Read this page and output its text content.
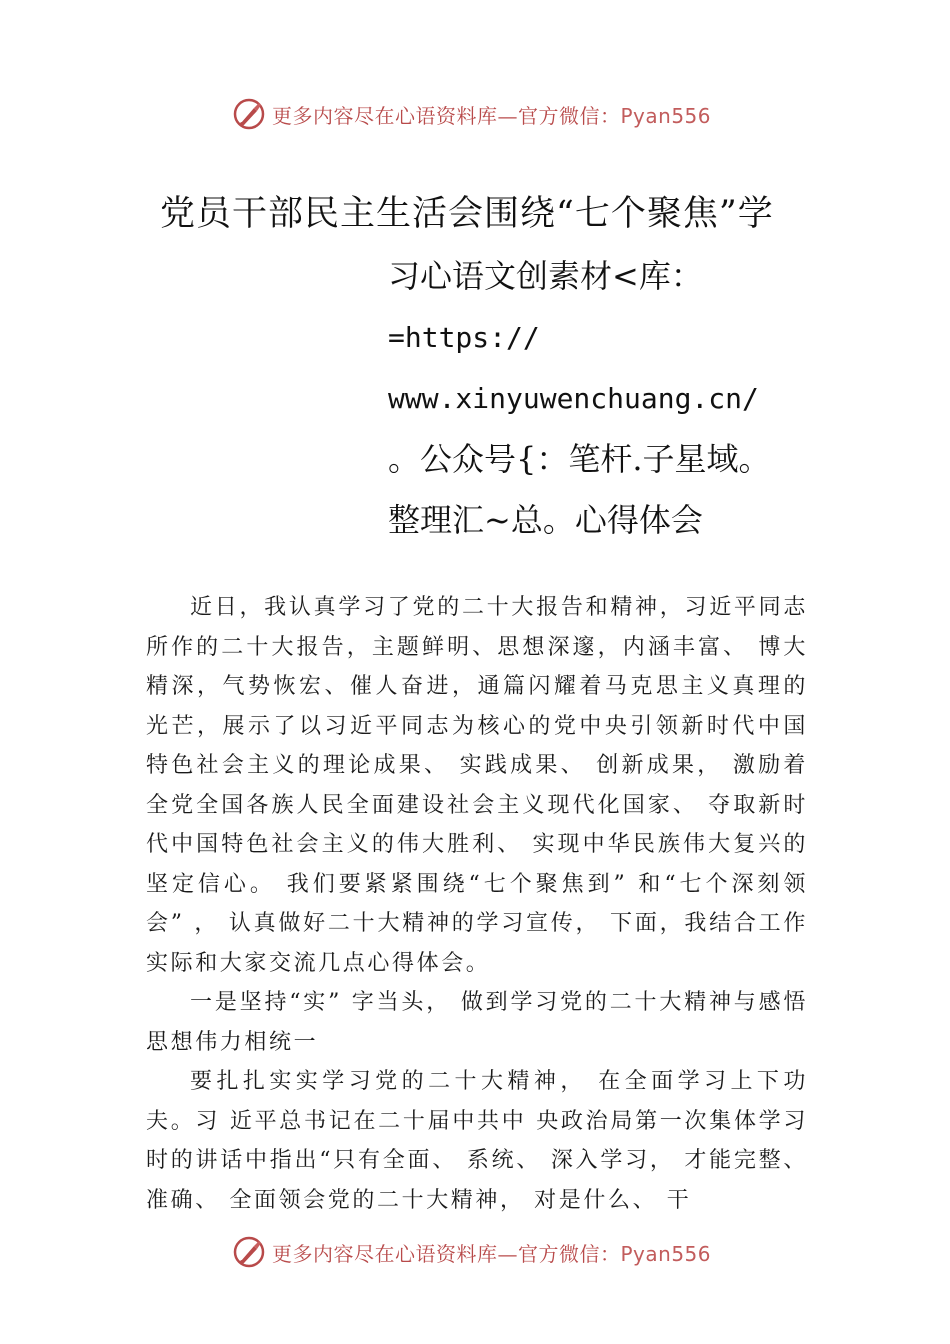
更多内容尽在心语资料库—官方微信：Pyan556
党员干部民主生活会围绕“七个聚焦”学
习心语文创素材<库：
=https://
www.xinyuwenchuang.cn/
。公众号{：笔杆.子星域。
整理汇~总。心得体会

近日，我认真学习了党的二十大报告和精神，习近平同志所作的二十大报告，主题鲜明、思想深邃，内涵丰富、 博大精深，气势恢宏、催人奋进，通篇闪耀着马克思主义真理的光芒，展示了以习近平同志为核心的党中央引领新时代中国特色社会主义的理论成果、 实践成果、 创新成果， 激励着全党全国各族人民全面建设社会主义现代化国家、 夺取新时代中国特色社会主义的伟大胜利、 实现中华民族伟大复兴的坚定信心。 我们要紧紧围绕“七个聚焦到” 和“七个深刻领会” ， 认真做好二十大精神的学习宣传， 下面，我结合工作实际和大家交流几点心得体会。

一是坚持“实” 字当头， 做到学习党的二十大精神与感悟思想伟力相统一

要扎扎实实学习党的二十大精神， 在全面学习上下功夫。习 近平总书记在二十届中共中 央政治局第一次集体学习 时的讲话中指出“只有全面、 系统、 深入学习， 才能完整、 准确、 全面领会党的二十大精神， 对是什么、 干

更多内容尽在心语资料库—官方微信：Pyan556
